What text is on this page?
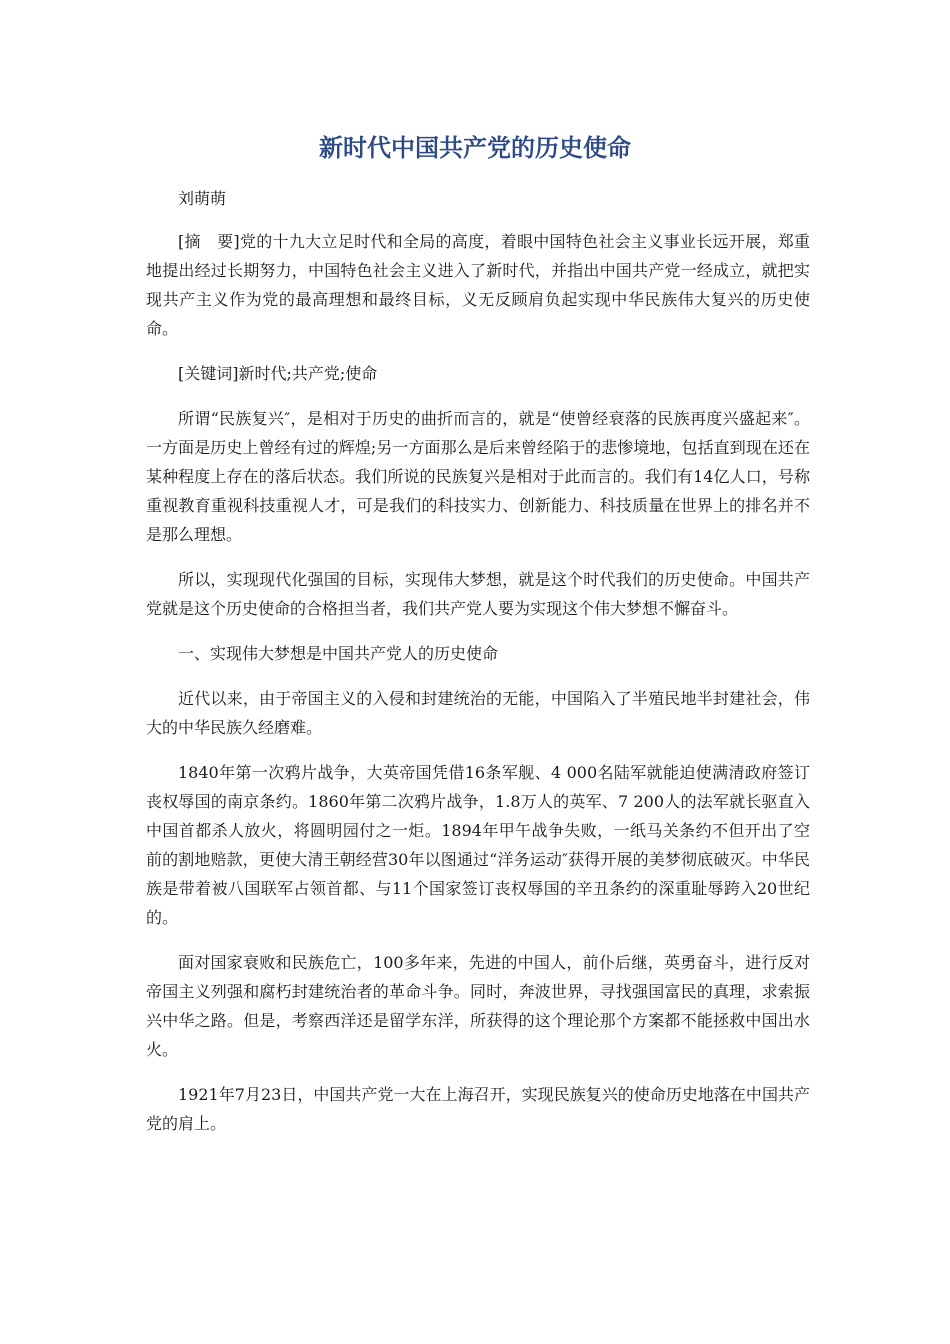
新时代中国共产党的历史使命

刘萌萌

[摘　要]党的十九大立足时代和全局的高度，着眼中国特色社会主义事业长远开展，郑重地提出经过长期努力，中国特色社会主义进入了新时代，并指出中国共产党一经成立，就把实现共产主义作为党的最高理想和最终目标，义无反顾肩负起实现中华民族伟大复兴的历史使命。

[关键词]新时代;共产党;使命

所谓“民族复兴″，是相对于历史的曲折而言的，就是“使曾经衰落的民族再度兴盛起来″。一方面是历史上曾经有过的辉煌;另一方面那么是后来曾经陷于的悲惨境地，包括直到现在还在某种程度上存在的落后状态。我们所说的民族复兴是相对于此而言的。我们有14亿人口，号称重视教育重视科技重视人才，可是我们的科技实力、创新能力、科技质量在世界上的排名并不是那么理想。

所以，实现现代化强国的目标，实现伟大梦想，就是这个时代我们的历史使命。中国共产党就是这个历史使命的合格担当者，我们共产党人要为实现这个伟大梦想不懈奋斗。

一、实现伟大梦想是中国共产党人的历史使命

近代以来，由于帝国主义的入侵和封建统治的无能，中国陷入了半殖民地半封建社会，伟大的中华民族久经磨难。

1840年第一次鸦片战争，大英帝国凭借16条军舰、4 000名陆军就能迫使满清政府签订丧权辱国的南京条约。1860年第二次鸦片战争，1.8万人的英军、7 200人的法军就长驱直入中国首都杀人放火，将圆明园付之一炬。1894年甲午战争失败，一纸马关条约不但开出了空前的割地赔款，更使大清王朝经营30年以图通过“洋务运动″获得开展的美梦彻底破灭。中华民族是带着被八国联军占领首都、与11个国家签订丧权辱国的辛丑条约的深重耻辱跨入20世纪的。

面对国家衰败和民族危亡，100多年来，先进的中国人，前仆后继，英勇奋斗，进行反对帝国主义列强和腐朽封建统治者的革命斗争。同时，奔波世界，寻找强国富民的真理，求索振兴中华之路。但是，考察西洋还是留学东洋，所获得的这个理论那个方案都不能拯救中国出水火。

1921年7月23日，中国共产党一大在上海召开，实现民族复兴的使命历史地落在中国共产党的肩上。
